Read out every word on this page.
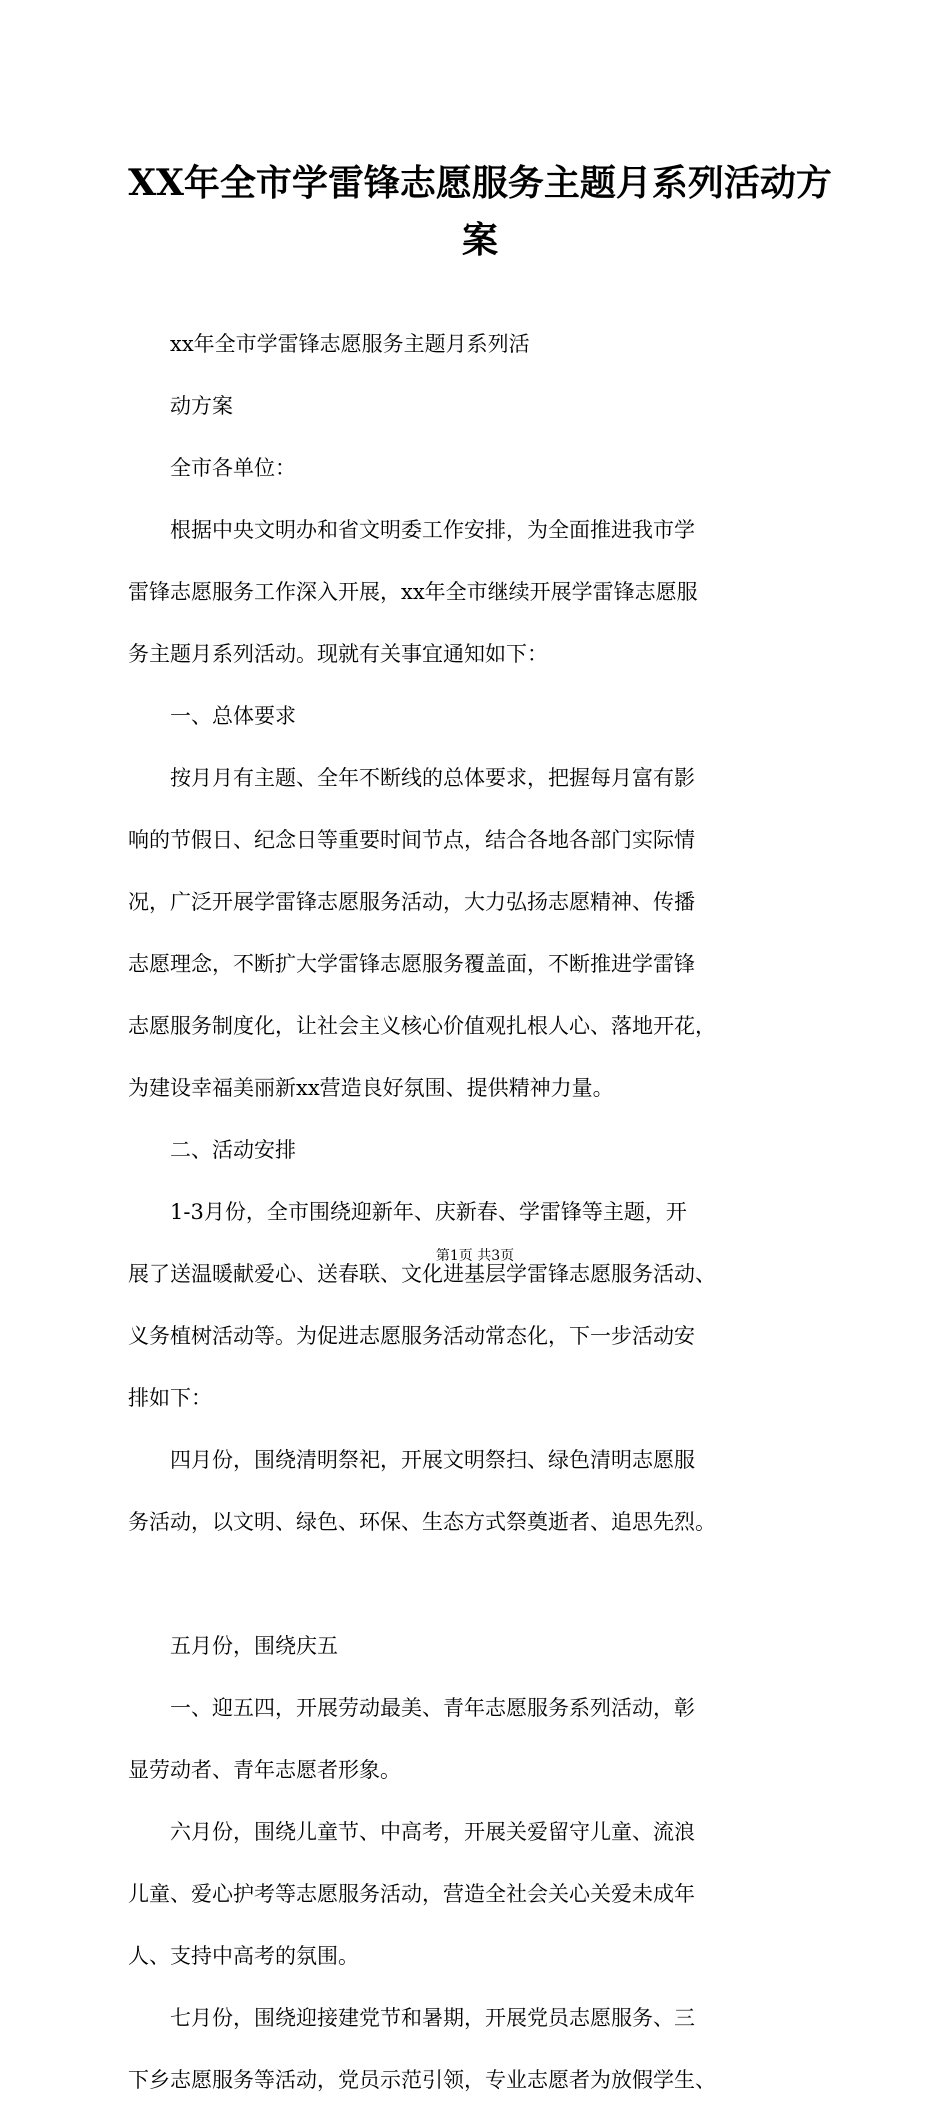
XX年全市学雷锋志愿服务主题月系列活动方
案

　　xx年全市学雷锋志愿服务主题月系列活

　　动方案

　　全市各单位：

　　根据中央文明办和省文明委工作安排，为全面推进我市学

雷锋志愿服务工作深入开展，xx年全市继续开展学雷锋志愿服

务主题月系列活动。现就有关事宜通知如下：

　　一、总体要求

　　按月月有主题、全年不断线的总体要求，把握每月富有影

响的节假日、纪念日等重要时间节点，结合各地各部门实际情

况，广泛开展学雷锋志愿服务活动，大力弘扬志愿精神、传播

志愿理念，不断扩大学雷锋志愿服务覆盖面，不断推进学雷锋

志愿服务制度化，让社会主义核心价值观扎根人心、落地开花，

为建设幸福美丽新xx营造良好氛围、提供精神力量。

　　二、活动安排

　　1-3月份，全市围绕迎新年、庆新春、学雷锋等主题，开

展了送温暖献爱心、送春联、文化进基层学雷锋志愿服务活动、

义务植树活动等。为促进志愿服务活动常态化，下一步活动安

排如下：

　　四月份，围绕清明祭祀，开展文明祭扫、绿色清明志愿服

务活动，以文明、绿色、环保、生态方式祭奠逝者、追思先烈。

　　五月份，围绕庆五

　　一、迎五四，开展劳动最美、青年志愿服务系列活动，彰

显劳动者、青年志愿者形象。

　　六月份，围绕儿童节、中高考，开展关爱留守儿童、流浪

儿童、爱心护考等志愿服务活动，营造全社会关心关爱未成年

人、支持中高考的氛围。

　　七月份，围绕迎接建党节和暑期，开展党员志愿服务、三

下乡志愿服务等活动，党员示范引领，专业志愿者为放假学生、

第1页 共3页
